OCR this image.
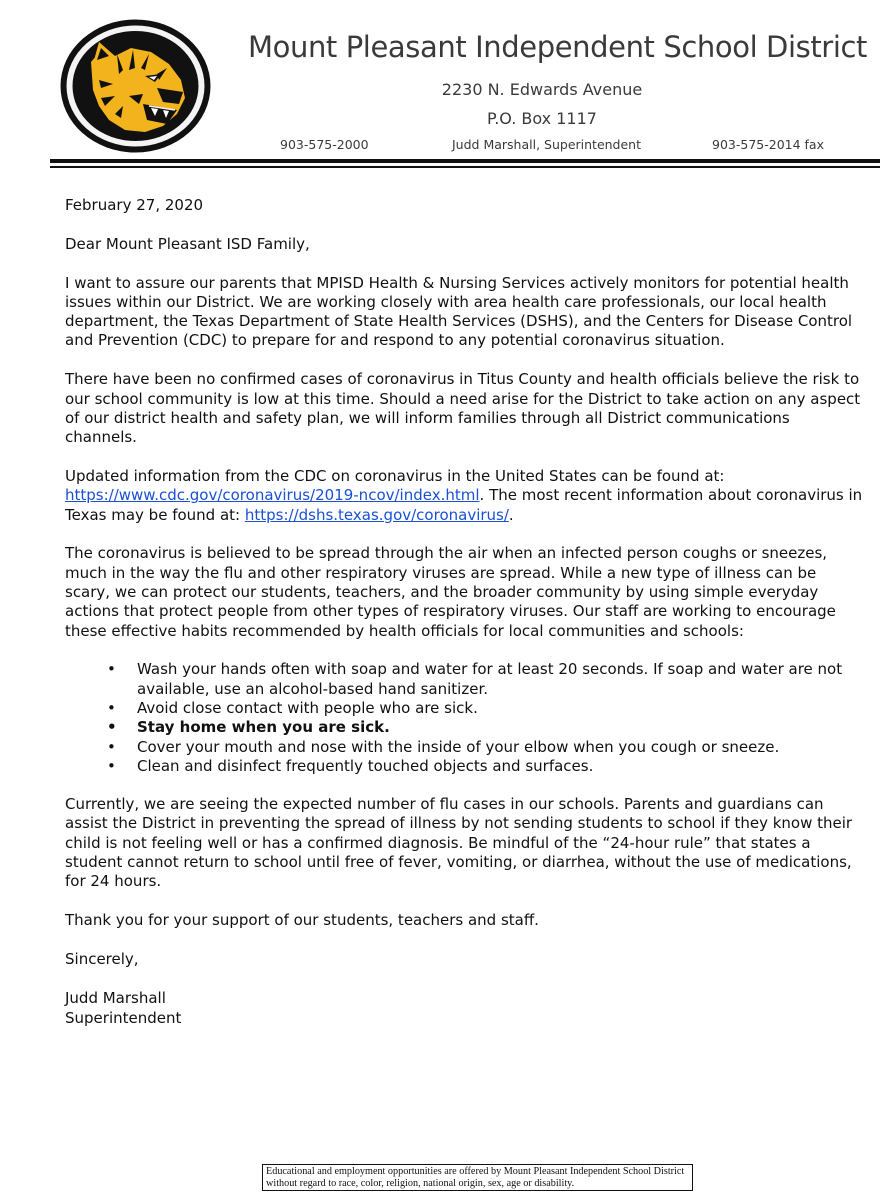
Mount Pleasant Independent School District
2230 N. Edwards Avenue
P.O. Box 1117
903-575-2000	Judd Marshall, Superintendent	903-575-2014 fax

February 27, 2020

Dear Mount Pleasant ISD Family,

I want to assure our parents that MPISD Health & Nursing Services actively monitors for potential health issues within our District. We are working closely with area health care professionals, our local health department, the Texas Department of State Health Services (DSHS), and the Centers for Disease Control and Prevention (CDC) to prepare for and respond to any potential coronavirus situation.

There have been no confirmed cases of coronavirus in Titus County and health officials believe the risk to our school community is low at this time. Should a need arise for the District to take action on any aspect of our district health and safety plan, we will inform families through all District communications channels.

Updated information from the CDC on coronavirus in the United States can be found at: https://www.cdc.gov/coronavirus/2019-ncov/index.html. The most recent information about coronavirus in Texas may be found at: https://dshs.texas.gov/coronavirus/.

The coronavirus is believed to be spread through the air when an infected person coughs or sneezes, much in the way the flu and other respiratory viruses are spread. While a new type of illness can be scary, we can protect our students, teachers, and the broader community by using simple everyday actions that protect people from other types of respiratory viruses. Our staff are working to encourage these effective habits recommended by health officials for local communities and schools:

• Wash your hands often with soap and water for at least 20 seconds. If soap and water are not available, use an alcohol-based hand sanitizer.
• Avoid close contact with people who are sick.
• Stay home when you are sick.
• Cover your mouth and nose with the inside of your elbow when you cough or sneeze.
• Clean and disinfect frequently touched objects and surfaces.

Currently, we are seeing the expected number of flu cases in our schools. Parents and guardians can assist the District in preventing the spread of illness by not sending students to school if they know their child is not feeling well or has a confirmed diagnosis. Be mindful of the “24-hour rule” that states a student cannot return to school until free of fever, vomiting, or diarrhea, without the use of medications, for 24 hours.

Thank you for your support of our students, teachers and staff.

Sincerely,

Judd Marshall

Superintendent

Educational and employment opportunities are offered by Mount Pleasant Independent School District without regard to race, color, religion, national origin, sex, age or disability.
